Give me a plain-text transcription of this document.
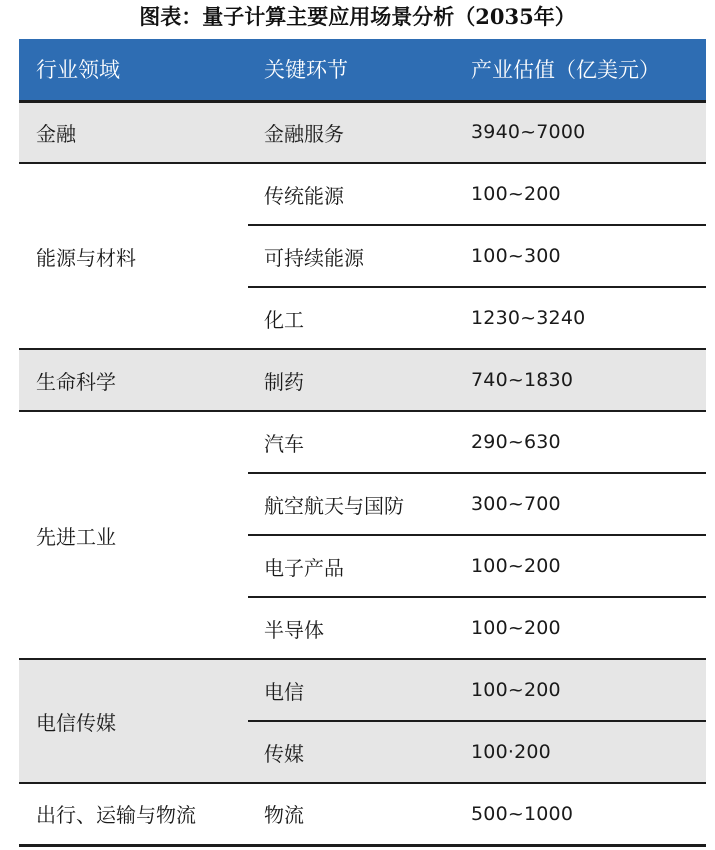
图表：量子计算主要应用场景分析（2035年）
行业领域	关键环节	产业估值（亿美元）
金融	金融服务	3940~7000
能源与材料	传统能源	100~200
	可持续能源	100~300
	化工	1230~3240
生命科学	制药	740~1830
先进工业	汽车	290~630
	航空航天与国防	300~700
	电子产品	100~200
	半导体	100~200
电信传媒	电信	100~200
	传媒	100·200
出行、运输与物流	物流	500~1000
